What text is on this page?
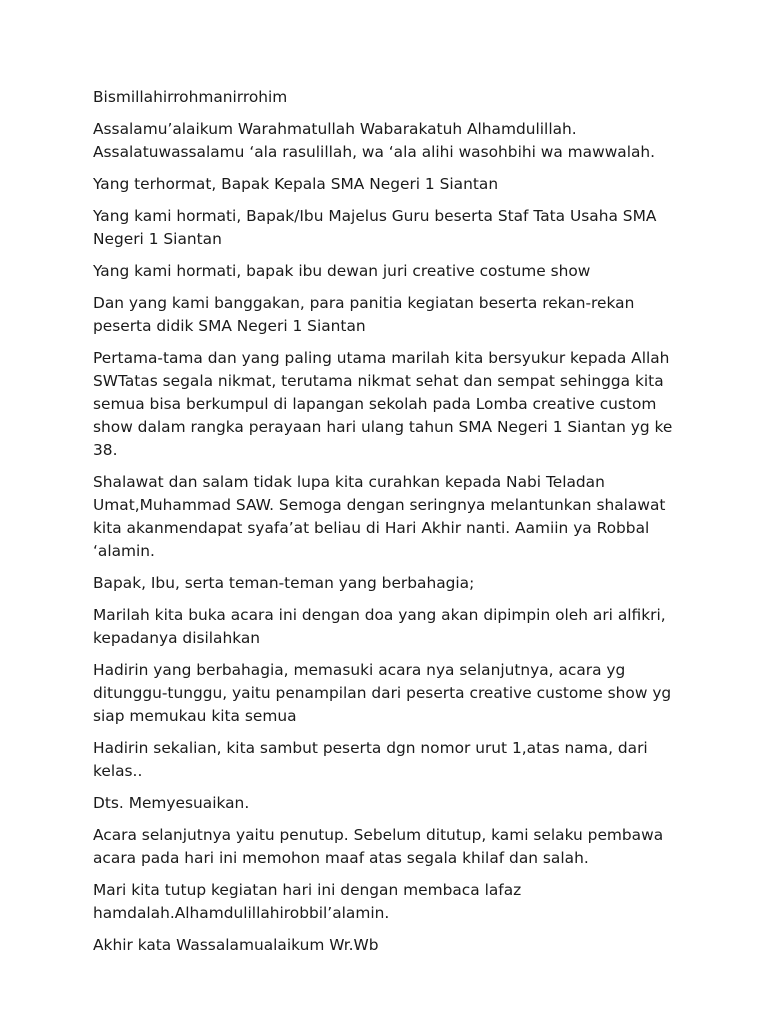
Bismillahirrohmanirrohim

Assalamu’alaikum Warahmatullah Wabarakatuh Alhamdulillah. Assalatuwassalamu ‘ala rasulillah, wa ‘ala alihi wasohbihi wa mawwalah.

Yang terhormat, Bapak Kepala SMA Negeri 1 Siantan

Yang kami hormati, Bapak/Ibu Majelus Guru beserta Staf Tata Usaha SMA Negeri 1 Siantan

Yang kami hormati, bapak ibu dewan juri creative costume show

Dan yang kami banggakan, para panitia kegiatan beserta rekan-rekan peserta didik SMA Negeri 1 Siantan

Pertama-tama dan yang paling utama marilah kita bersyukur kepada Allah SWTatas segala nikmat, terutama nikmat sehat dan sempat sehingga kita semua bisa berkumpul di lapangan sekolah pada Lomba creative custom show dalam rangka perayaan hari ulang tahun SMA Negeri 1 Siantan yg ke 38.

Shalawat dan salam tidak lupa kita curahkan kepada Nabi Teladan Umat,Muhammad SAW. Semoga dengan seringnya melantunkan shalawat kita akanmendapat syafa’at beliau di Hari Akhir nanti. Aamiin ya Robbal ‘alamin.

Bapak, Ibu, serta teman-teman yang berbahagia;

Marilah kita buka acara ini dengan doa yang akan dipimpin oleh ari alfikri, kepadanya disilahkan

Hadirin yang berbahagia, memasuki acara nya selanjutnya, acara yg ditunggu-tunggu, yaitu penampilan dari peserta creative custome show yg siap memukau kita semua

Hadirin sekalian, kita sambut peserta dgn nomor urut 1,atas nama, dari kelas..

Dts. Memyesuaikan.

Acara selanjutnya yaitu penutup. Sebelum ditutup, kami selaku pembawa acara pada hari ini memohon maaf atas segala khilaf dan salah.

Mari kita tutup kegiatan hari ini dengan membaca lafaz hamdalah.Alhamdulillahirobbil’alamin.

Akhir kata Wassalamualaikum Wr.Wb
